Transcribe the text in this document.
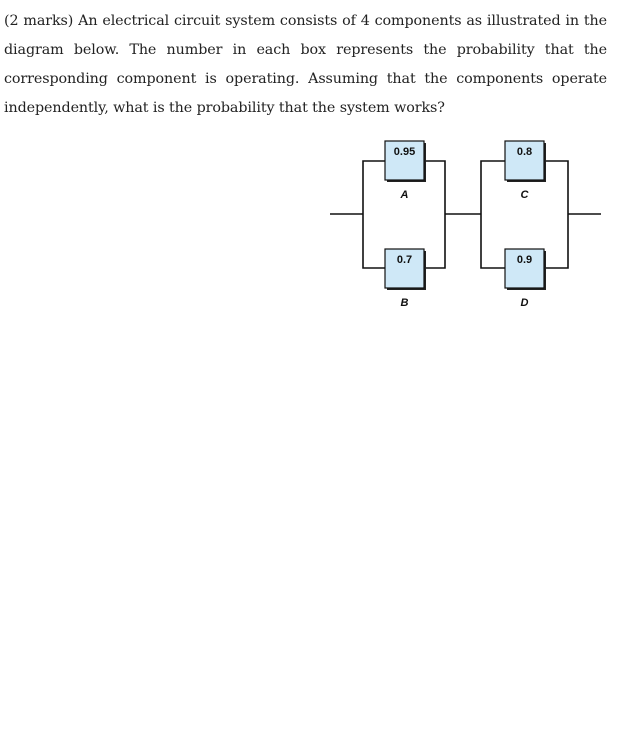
(2 marks) An electrical circuit system consists of 4 components as illustrated in the diagram below. The number in each box represents the probability that the corresponding component is operating. Assuming that the components operate independently, what is the probability that the system works?

0.95
A
0.7
B
0.8
C
0.9
D
